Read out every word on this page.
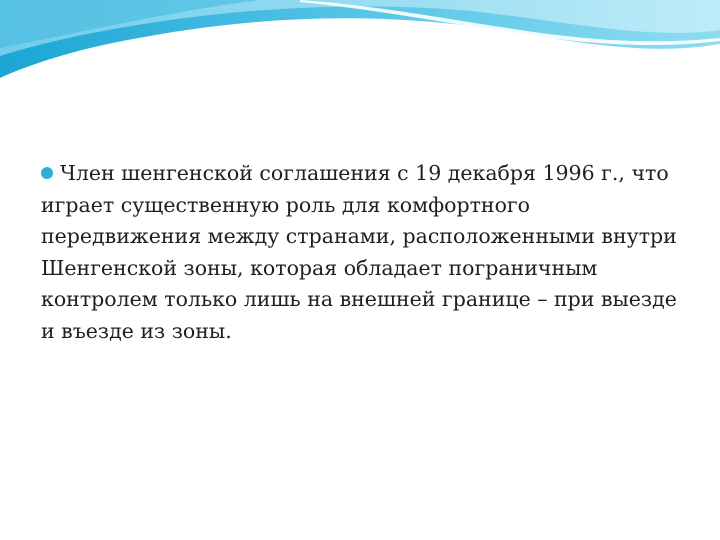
Член шенгенской соглашения с 19 декабря 1996 г., что играет существенную роль для комфортного передвижения между странами, расположенными внутри Шенгенской зоны, которая обладает пограничным контролем только лишь на внешней границе – при выезде и въезде из зоны.
